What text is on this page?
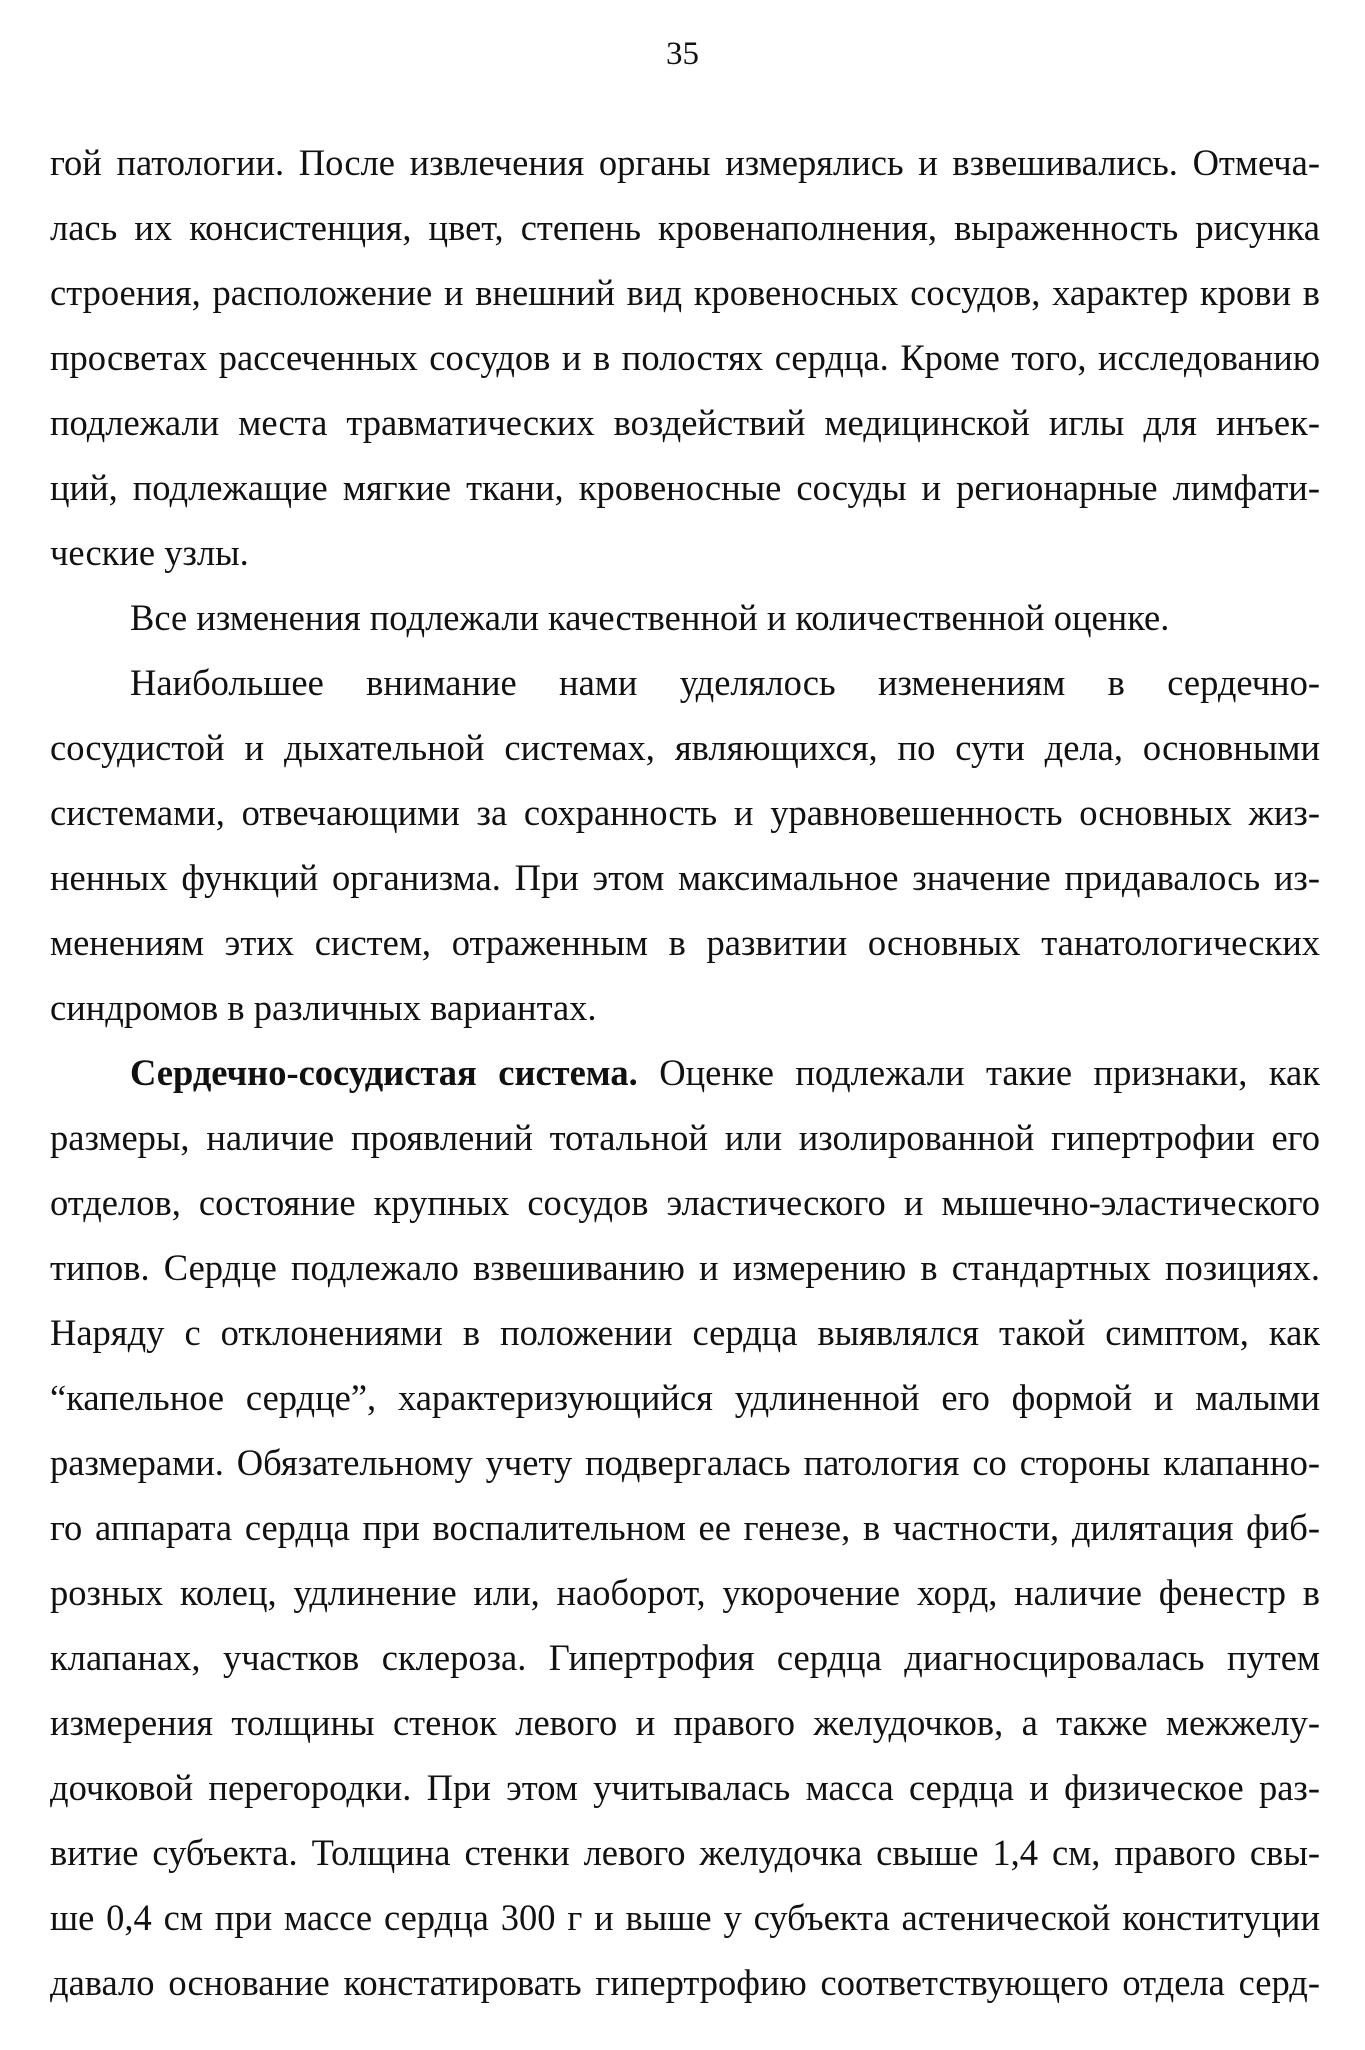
35
гой патологии. После извлечения органы измерялись и взвешивались. Отмеча-
лась их консистенция, цвет, степень кровенаполнения, выраженность рисунка
строения, расположение и внешний вид кровеносных сосудов, характер крови в
просветах рассеченных сосудов и в полостях сердца. Кроме того, исследованию
подлежали места травматических воздействий медицинской иглы для инъек-
ций, подлежащие мягкие ткани, кровеносные сосуды и регионарные лимфати-
ческие узлы.
Все изменения подлежали качественной и количественной оценке.
Наибольшее внимание нами уделялось изменениям в сердечно-
сосудистой и дыхательной системах, являющихся, по сути дела, основными
системами, отвечающими за сохранность и уравновешенность основных жиз-
ненных функций организма. При этом максимальное значение придавалось из-
менениям этих систем, отраженным в развитии основных танатологических
синдромов в различных вариантах.
Сердечно-сосудистая система. Оценке подлежали такие признаки, как
размеры, наличие проявлений тотальной или изолированной гипертрофии его
отделов, состояние крупных сосудов эластического и мышечно-эластического
типов. Сердце подлежало взвешиванию и измерению в стандартных позициях.
Наряду с отклонениями в положении сердца выявлялся такой симптом, как
“капельное сердце”, характеризующийся удлиненной его формой и малыми
размерами. Обязательному учету подвергалась патология со стороны клапанно-
го аппарата сердца при воспалительном ее генезе, в частности, дилятация фиб-
розных колец, удлинение или, наоборот, укорочение хорд, наличие фенестр в
клапанах, участков склероза. Гипертрофия сердца диагносцировалась путем
измерения толщины стенок левого и правого желудочков, а также межжелу-
дочковой перегородки. При этом учитывалась масса сердца и физическое раз-
витие субъекта. Толщина стенки левого желудочка свыше 1,4 см, правого свы-
ше 0,4 см при массе сердца 300 г и выше у субъекта астенической конституции
давало основание констатировать гипертрофию соответствующего отдела серд-
